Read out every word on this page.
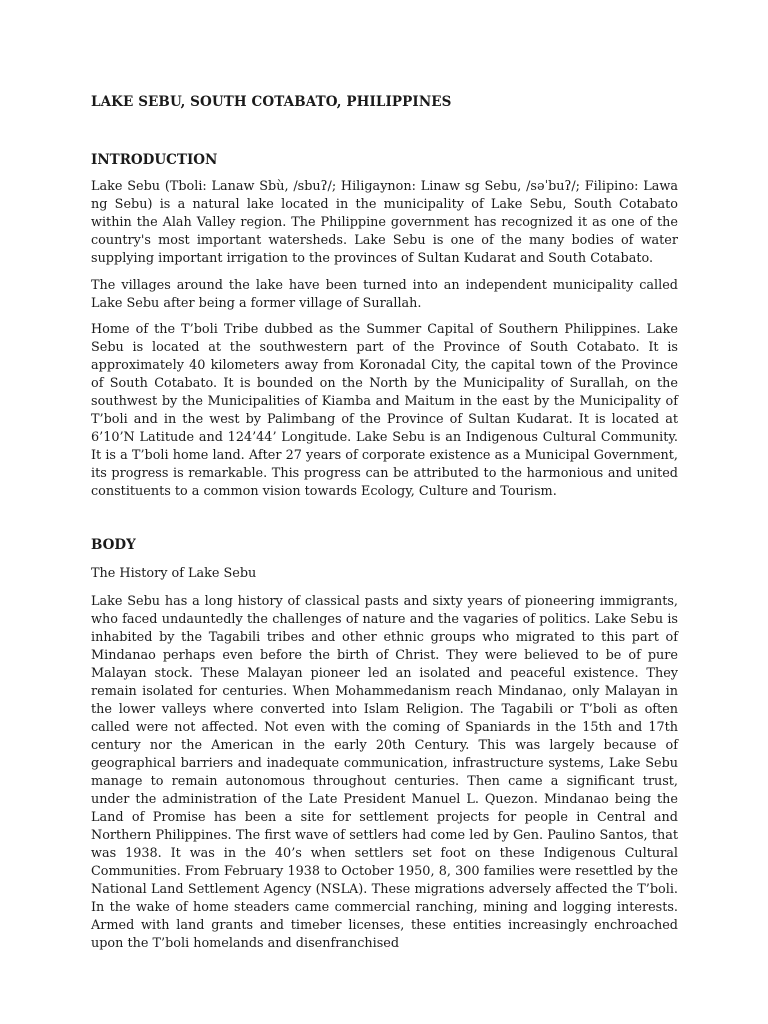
LAKE SEBU, SOUTH COTABATO, PHILIPPINES
INTRODUCTION

Lake Sebu (Tboli: Lanaw Sbù, /sbuʔ/; Hiligaynon: Linaw sg Sebu, /səˈbuʔ/; Filipino: Lawa ng Sebu) is a natural lake located in the municipality of Lake Sebu, South Cotabato within the Alah Valley region. The Philippine government has recognized it as one of the country's most important watersheds. Lake Sebu is one of the many bodies of water supplying important irrigation to the provinces of Sultan Kudarat and South Cotabato.

The villages around the lake have been turned into an independent municipality called Lake Sebu after being a former village of Surallah.

Home of the T’boli Tribe dubbed as the Summer Capital of Southern Philippines. Lake Sebu is located at the southwestern part of the Province of South Cotabato. It is approximately 40 kilometers away from Koronadal City, the capital town of the Province of South Cotabato. It is bounded on the North by the Municipality of Surallah, on the southwest by the Municipalities of Kiamba and Maitum in the east by the Municipality of T’boli and in the west by Palimbang of the Province of Sultan Kudarat. It is located at 6’10’N Latitude and 124’44’ Longitude. Lake Sebu is an Indigenous Cultural Community. It is a T’boli home land. After 27 years of corporate existence as a Municipal Government, its progress is remarkable. This progress can be attributed to the harmonious and united constituents to a common vision towards Ecology, Culture and Tourism.

BODY
The History of Lake Sebu

Lake Sebu has a long history of classical pasts and sixty years of pioneering immigrants, who faced undauntedly the challenges of nature and the vagaries of politics. Lake Sebu is inhabited by the Tagabili tribes and other ethnic groups who migrated to this part of Mindanao perhaps even before the birth of Christ. They were believed to be of pure Malayan stock. These Malayan pioneer led an isolated and peaceful existence. They remain isolated for centuries. When Mohammedanism reach Mindanao, only Malayan in the lower valleys where converted into Islam Religion. The Tagabili or T’boli as often called were not affected. Not even with the coming of Spaniards in the 15th and 17th century nor the American in the early 20th Century. This was largely because of geographical barriers and inadequate communication, infrastructure systems, Lake Sebu manage to remain autonomous throughout centuries. Then came a significant trust, under the administration of the Late President Manuel L. Quezon. Mindanao being the Land of Promise has been a site for settlement projects for people in Central and Northern Philippines. The first wave of settlers had come led by Gen. Paulino Santos, that was 1938. It was in the 40’s when settlers set foot on these Indigenous Cultural Communities. From February 1938 to October 1950, 8, 300 families were resettled by the National Land Settlement Agency (NSLA). These migrations adversely affected the T’boli. In the wake of home steaders came commercial ranching, mining and logging interests. Armed with land grants and timeber licenses, these entities increasingly enchroached upon the T’boli homelands and disenfranchised
